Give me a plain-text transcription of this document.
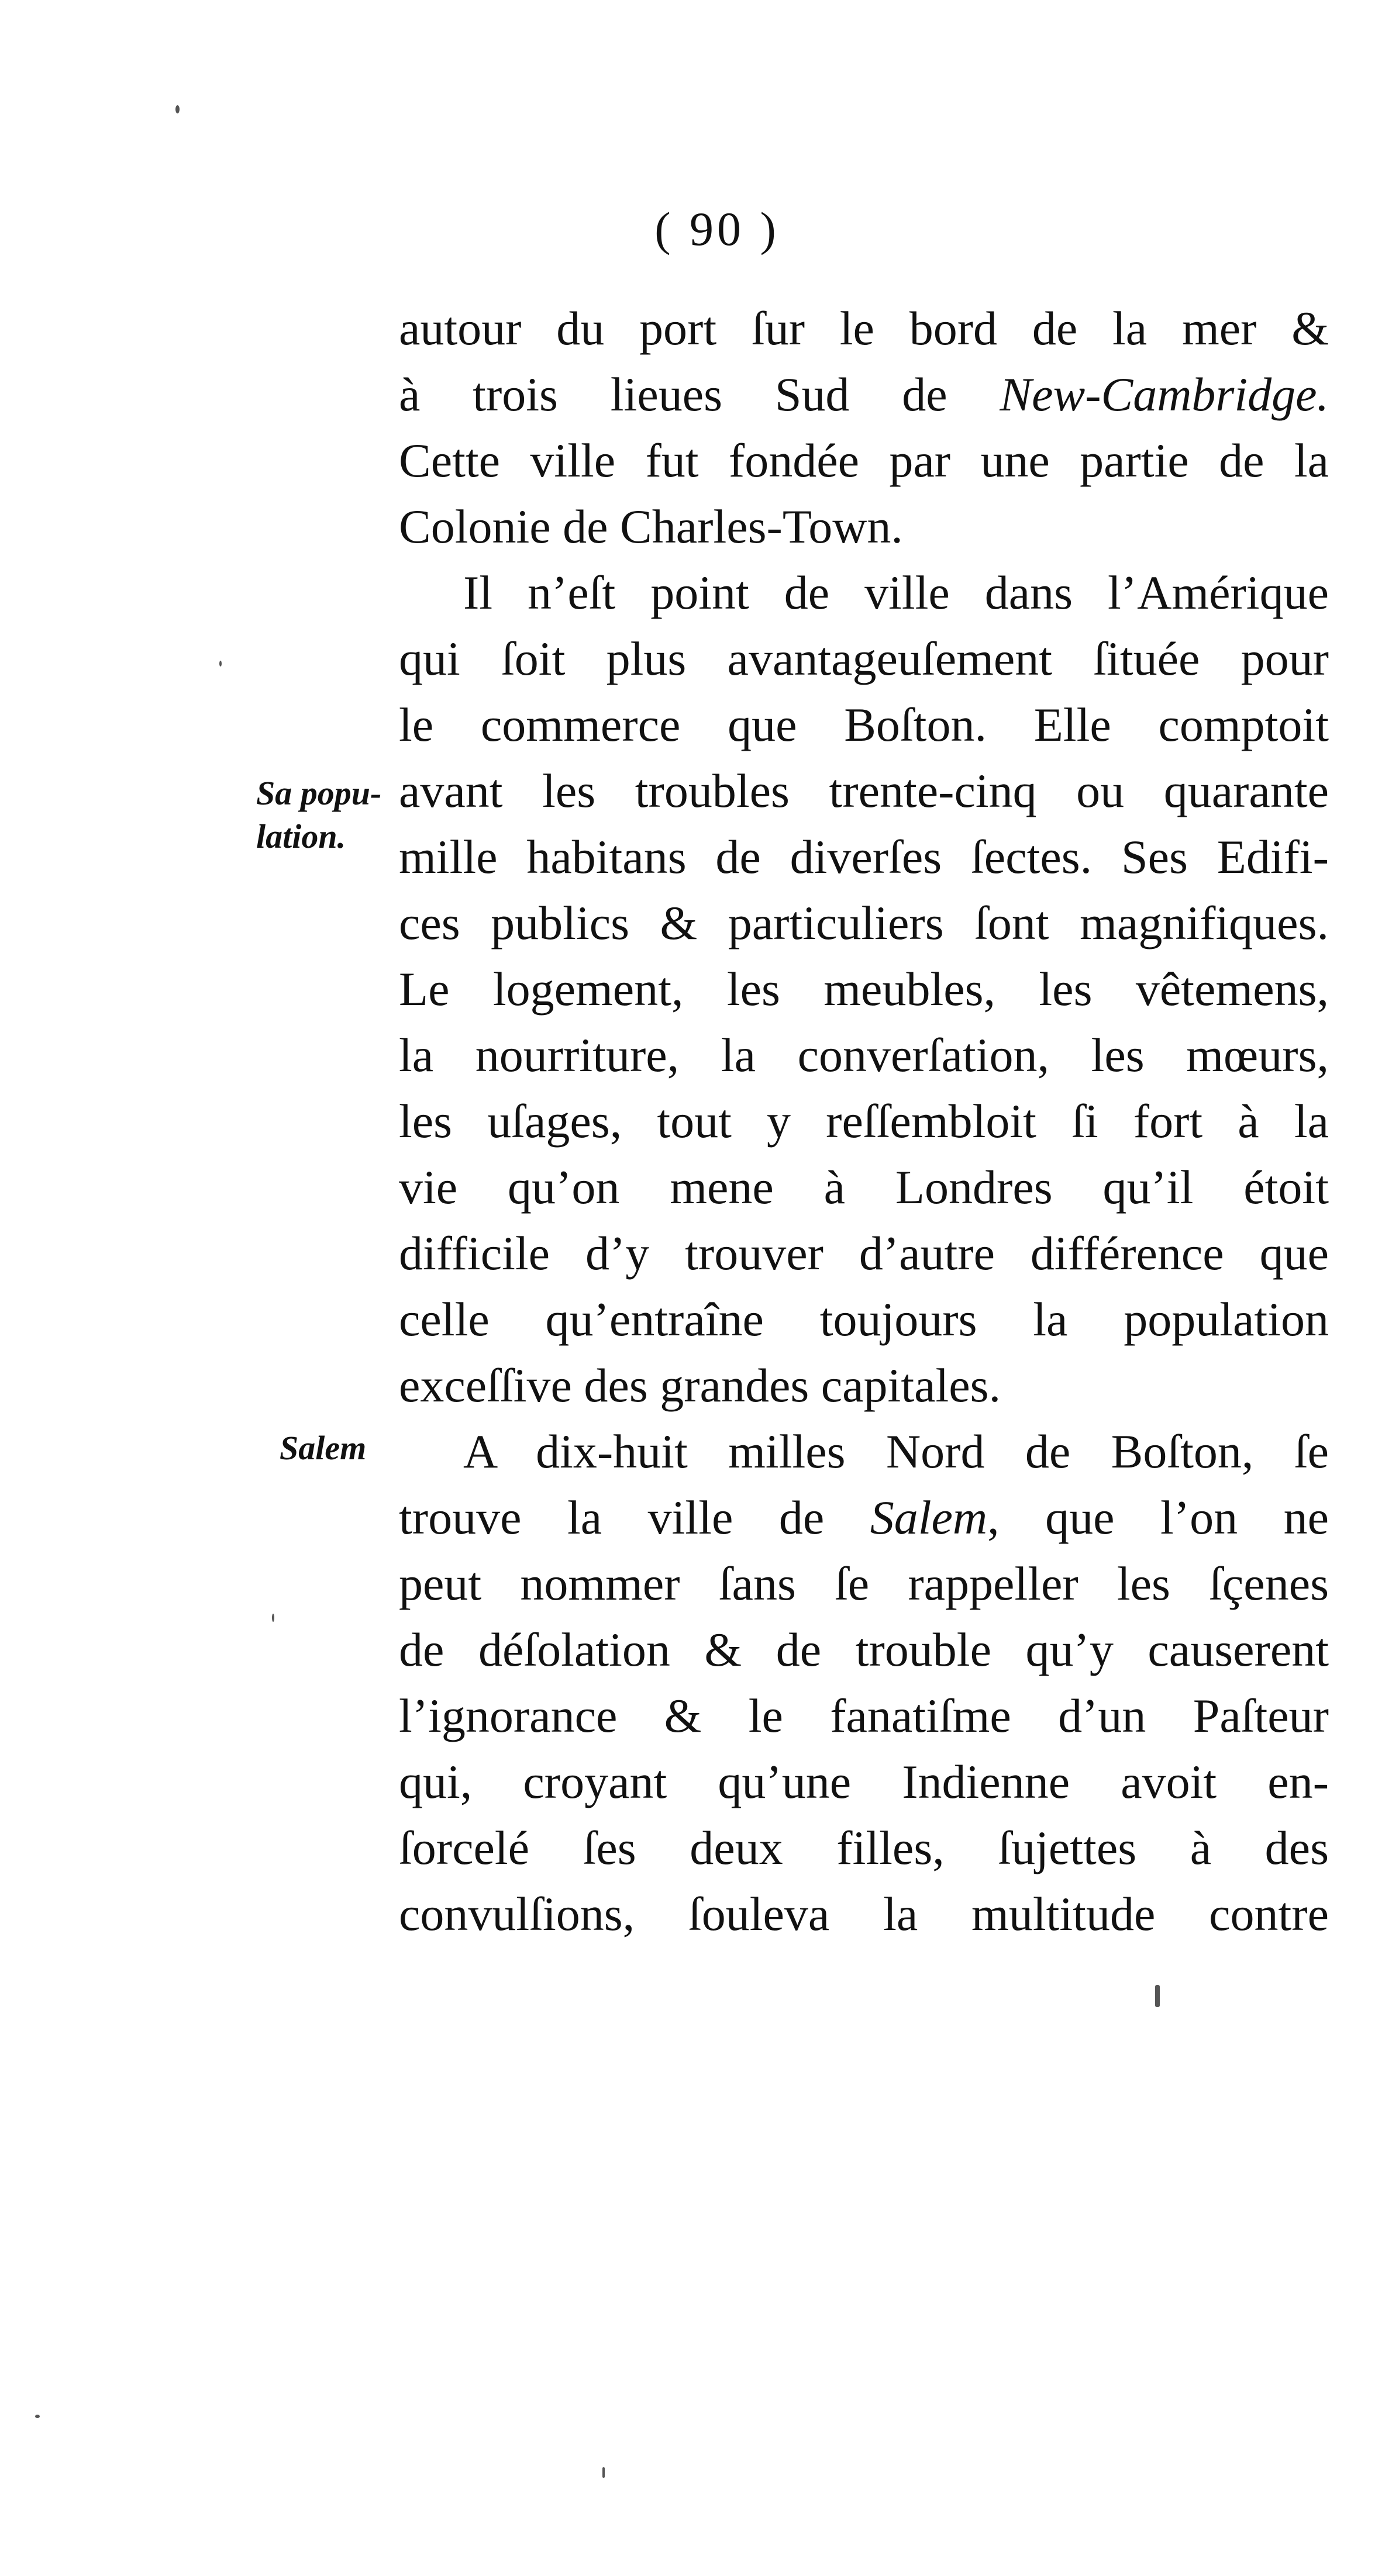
( 90 )
Sa popu-
lation.
Salem

autour du port ſur le bord de la mer &
à trois lieues Sud de New-Cambridge.
Cette ville fut fondée par une partie de la
Colonie de Charles-Town.

Il n’eſt point de ville dans l’Amérique
qui ſoit plus avantageuſement ſituée pour
le commerce que Boſton. Elle comptoit
avant les troubles trente-cinq ou quarante
mille habitans de diverſes ſectes. Ses Edifi-
ces publics & particuliers ſont magnifiques.
Le logement, les meubles, les vêtemens,
la nourriture, la converſation, les mœurs,
les uſages, tout y reſſembloit ſi fort à la
vie qu’on mene à Londres qu’il étoit
difficile d’y trouver d’autre différence que
celle qu’entraîne toujours la population
exceſſive des grandes capitales.

A dix-huit milles Nord de Boſton, ſe
trouve la ville de Salem, que l’on ne
peut nommer ſans ſe rappeller les ſçenes
de déſolation & de trouble qu’y causerent
l’ignorance & le fanatiſme d’un Paſteur
qui, croyant qu’une Indienne avoit en-
ſorcelé ſes deux filles, ſujettes à des
convulſions, ſouleva la multitude contre
